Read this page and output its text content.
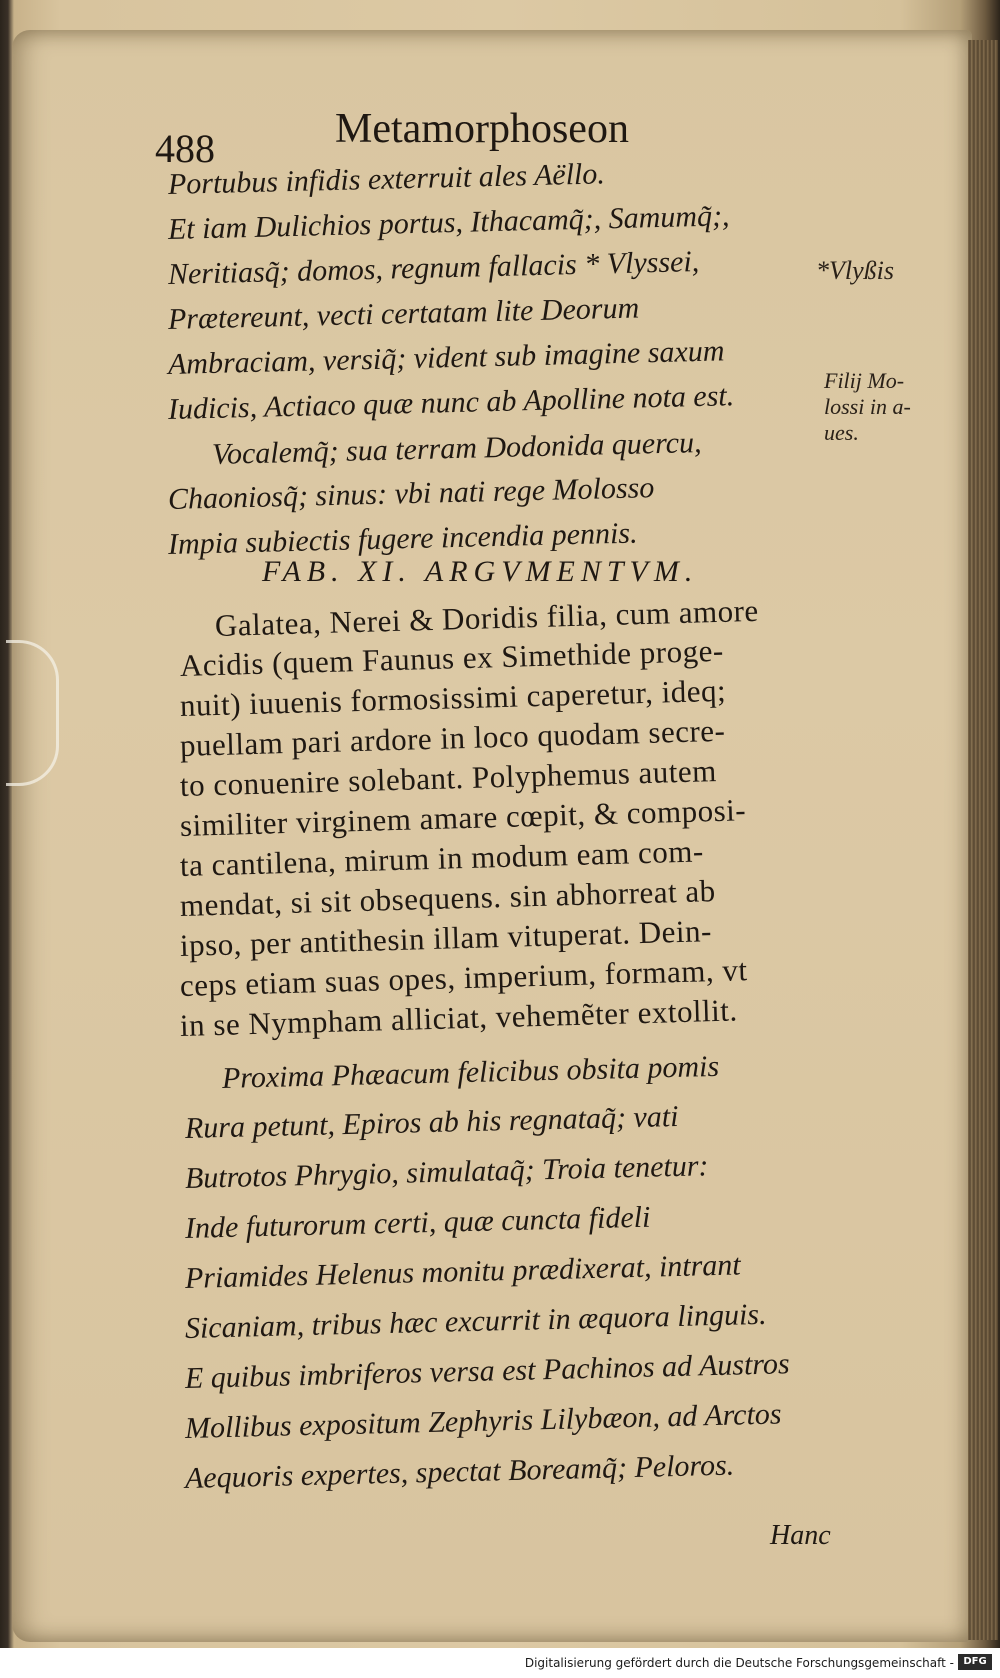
488	Metamorphoseon
Portubus infidis exterruit ales Aëllo.
Et iam Dulichios portus, Ithacamq̃;, Samumq̃;,
Neritiasq̃; domos, regnum fallacis * Vlyssei,
Prætereunt, vecti certatam lite Deorum
Ambraciam, versiq̃; vident sub imagine saxum
Iudicis, Actiaco quæ nunc ab Apolline nota est.
Vocalemq̃; sua terram Dodonida quercu,
Chaoniosq̃; sinus: vbi nati rege Molosso
Impia subiectis fugere incendia pennis.
*Vlyßis
Filij Mo-
lossi in a-
ues.
FAB. XI. ARGVMENTVM.
Galatea, Nerei & Doridis filia, cum amore
Acidis (quem Faunus ex Simethide proge-
nuit) iuuenis formosissimi caperetur, ideq;
puellam pari ardore in loco quodam secre-
to conuenire solebant. Polyphemus autem
similiter virginem amare cœpit, & composi-
ta cantilena, mirum in modum eam com-
mendat, si sit obsequens. sin abhorreat ab
ipso, per antithesin illam vituperat. Dein-
ceps etiam suas opes, imperium, formam, vt
in se Nympham alliciat, vehemẽter extollit.
Proxima Phæacum felicibus obsita pomis
Rura petunt, Epiros ab his regnataq̃; vati
Butrotos Phrygio, simulataq̃; Troia tenetur:
Inde futurorum certi, quæ cuncta fideli
Priamides Helenus monitu prædixerat, intrant
Sicaniam, tribus hæc excurrit in æquora linguis.
E quibus imbriferos versa est Pachinos ad Austros
Mollibus expositum Zephyris Lilybæon, ad Arctos
Aequoris expertes, spectat Boreamq̃; Peloros.
Hanc
Digitalisierung gefördert durch die Deutsche Forschungsgemeinschaft - DFG
